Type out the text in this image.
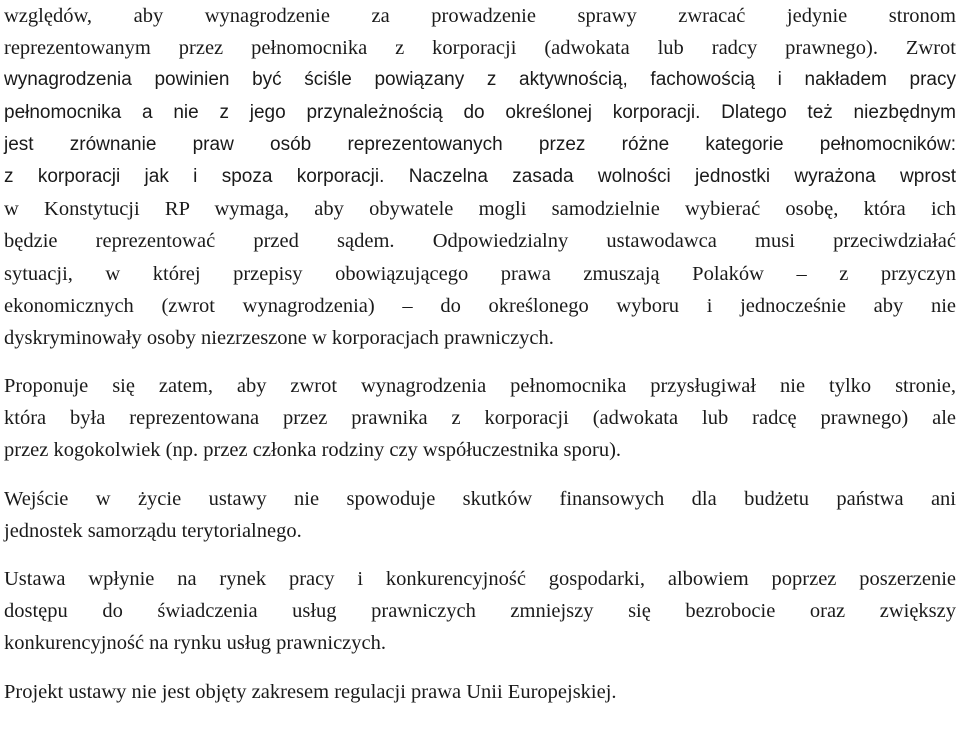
względów, aby wynagrodzenie za prowadzenie sprawy zwracać jedynie stronom
reprezentowanym przez pełnomocnika z korporacji (adwokata lub radcy prawnego). Zwrot
wynagrodzenia powinien być ściśle powiązany z aktywnością, fachowością i nakładem pracy
pełnomocnika a nie z jego przynależnością do określonej korporacji. Dlatego też niezbędnym
jest zrównanie praw osób reprezentowanych przez różne kategorie pełnomocników:
z korporacji jak i spoza korporacji. Naczelna zasada wolności jednostki wyrażona wprost
w Konstytucji RP wymaga, aby obywatele mogli samodzielnie wybierać osobę, która ich
będzie reprezentować przed sądem. Odpowiedzialny ustawodawca musi przeciwdziałać
sytuacji, w której przepisy obowiązującego prawa zmuszają Polaków – z przyczyn
ekonomicznych (zwrot wynagrodzenia) – do określonego wyboru i jednocześnie aby nie
dyskryminowały osoby niezrzeszone w korporacjach prawniczych.
Proponuje się zatem, aby zwrot wynagrodzenia pełnomocnika przysługiwał nie tylko stronie,
która była reprezentowana przez prawnika z korporacji (adwokata lub radcę prawnego) ale
przez kogokolwiek (np. przez członka rodziny czy współuczestnika sporu).
Wejście w życie ustawy nie spowoduje skutków finansowych dla budżetu państwa ani
jednostek samorządu terytorialnego.
Ustawa wpłynie na rynek pracy i konkurencyjność gospodarki, albowiem poprzez poszerzenie
dostępu do świadczenia usług prawniczych zmniejszy się bezrobocie oraz zwiększy
konkurencyjność na rynku usług prawniczych.
Projekt ustawy nie jest objęty zakresem regulacji prawa Unii Europejskiej.
